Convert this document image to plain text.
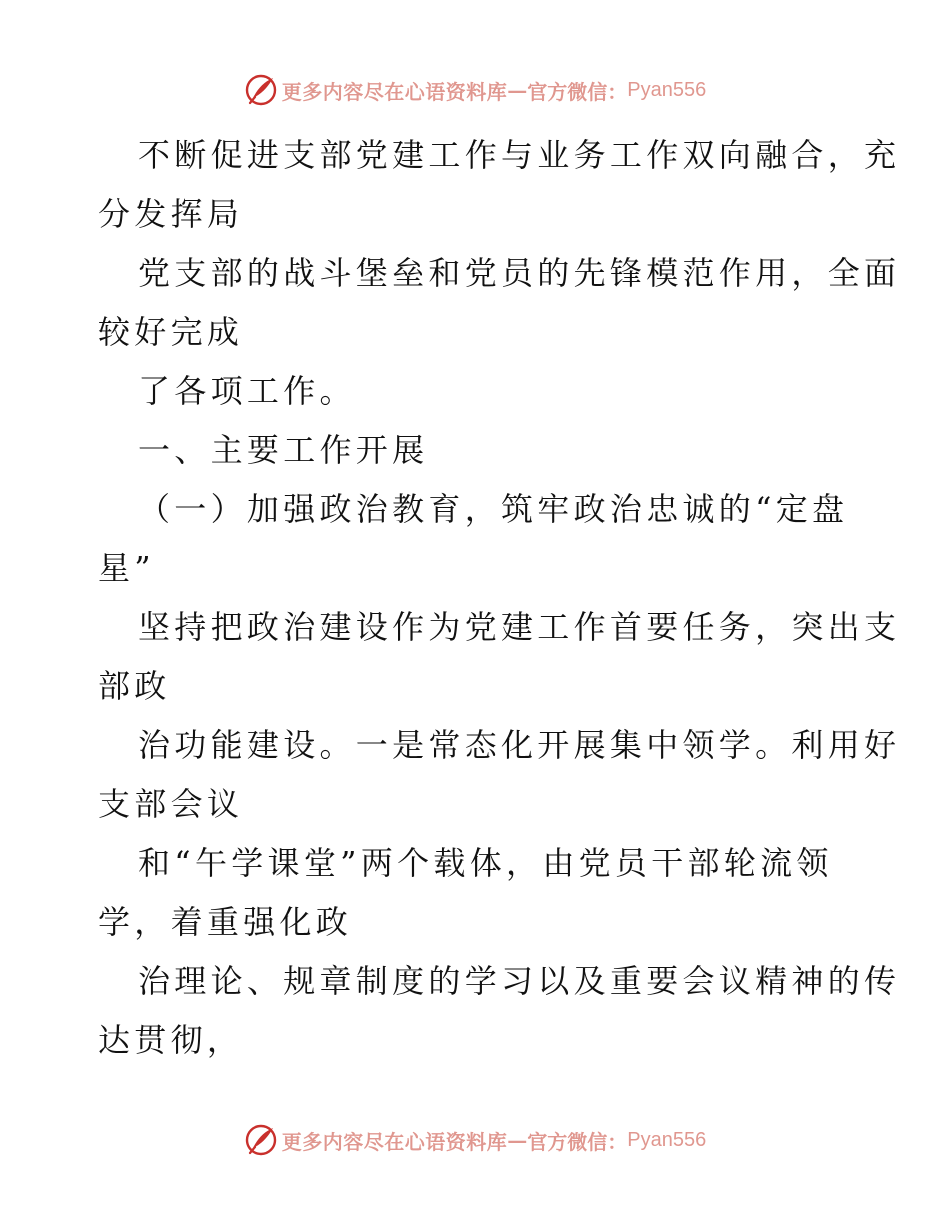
更多内容尽在心语资料库 — 官方微信： Pyan556
不断促进支部党建工作与业务工作双向融合，充
分发挥局
党支部的战斗堡垒和党员的先锋模范作用，全面
较好完成
了各项工作。
一、主要工作开展
（一）加强政治教育，筑牢政治忠诚的“定盘
星”
坚持把政治建设作为党建工作首要任务，突出支
部政
治功能建设。一是常态化开展集中领学。利用好
支部会议
和“午学课堂”两个载体，由党员干部轮流领
学，着重强化政
治理论、规章制度的学习以及重要会议精神的传
达贯彻，
更多内容尽在心语资料库 — 官方微信： Pyan556
